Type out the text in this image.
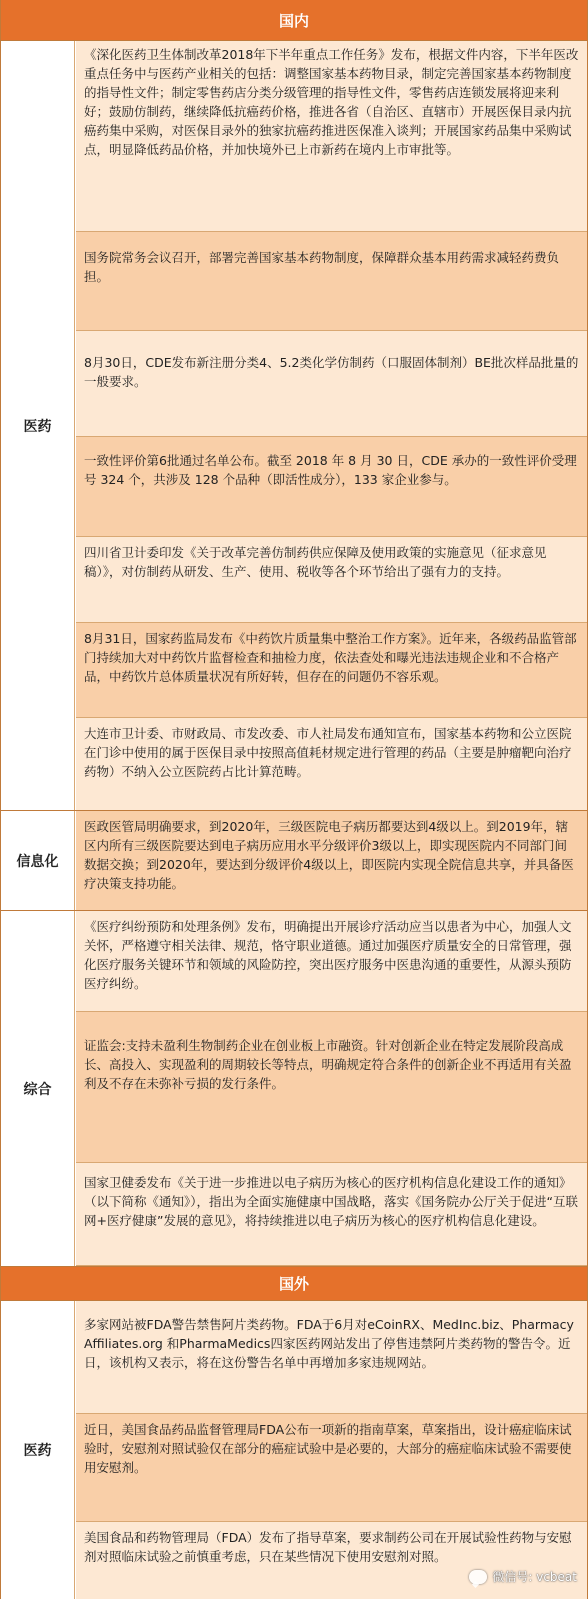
国内
医药
《深化医药卫生体制改革2018年下半年重点工作任务》发布，根据文件内容，下半年医改重点任务中与医药产业相关的包括：调整国家基本药物目录，制定完善国家基本药物制度的指导性文件；制定零售药店分类分级管理的指导性文件，零售药店连锁发展将迎来利好；鼓励仿制药，继续降低抗癌药价格，推进各省（自治区、直辖市）开展医保目录内抗癌药集中采购，对医保目录外的独家抗癌药推进医保准入谈判；开展国家药品集中采购试点，明显降低药品价格，并加快境外已上市新药在境内上市审批等。
国务院常务会议召开，部署完善国家基本药物制度，保障群众基本用药需求减轻药费负担。
8月30日，CDE发布新注册分类4、5.2类化学仿制药（口服固体制剂）BE批次样品批量的一般要求。
一致性评价第6批通过名单公布。截至 2018 年 8 月 30 日，CDE 承办的一致性评价受理号 324 个，共涉及 128 个品种（即活性成分），133 家企业参与。
四川省卫计委印发《关于改革完善仿制药供应保障及使用政策的实施意见（征求意见稿）》，对仿制药从研发、生产、使用、税收等各个环节给出了强有力的支持。
8月31日，国家药监局发布《中药饮片质量集中整治工作方案》。近年来，各级药品监管部门持续加大对中药饮片监督检查和抽检力度，依法查处和曝光违法违规企业和不合格产品，中药饮片总体质量状况有所好转，但存在的问题仍不容乐观。
大连市卫计委、市财政局、市发改委、市人社局发布通知宣布，国家基本药物和公立医院在门诊中使用的属于医保目录中按照高值耗材规定进行管理的药品（主要是肿瘤靶向治疗药物）不纳入公立医院药占比计算范畴。
信息化
医政医管局明确要求，到2020年，三级医院电子病历都要达到4级以上。到2019年，辖区内所有三级医院要达到电子病历应用水平分级评价3级以上，即实现医院内不同部门间数据交换；到2020年，要达到分级评价4级以上，即医院内实现全院信息共享，并具备医疗决策支持功能。
综合
《医疗纠纷预防和处理条例》发布，明确提出开展诊疗活动应当以患者为中心，加强人文关怀，严格遵守相关法律、规范，恪守职业道德。通过加强医疗质量安全的日常管理，强化医疗服务关键环节和领域的风险防控，突出医疗服务中医患沟通的重要性，从源头预防医疗纠纷。
证监会:支持未盈利生物制药企业在创业板上市融资。针对创新企业在特定发展阶段高成长、高投入、实现盈利的周期较长等特点，明确规定符合条件的创新企业不再适用有关盈利及不存在未弥补亏损的发行条件。
国家卫健委发布《关于进一步推进以电子病历为核心的医疗机构信息化建设工作的通知》（以下简称《通知》），指出为全面实施健康中国战略，落实《国务院办公厅关于促进“互联网+医疗健康”发展的意见》，将持续推进以电子病历为核心的医疗机构信息化建设。
国外
医药
多家网站被FDA警告禁售阿片类药物。FDA于6月对eCoinRX、MedInc.biz、PharmacyAffiliates.org 和PharmaMedics四家医药网站发出了停售违禁阿片类药物的警告令。近日，该机构又表示，将在这份警告名单中再增加多家违规网站。
近日，美国食品药品监督管理局FDA公布一项新的指南草案，草案指出，设计癌症临床试验时，安慰剂对照试验仅在部分的癌症试验中是必要的，大部分的癌症临床试验不需要使用安慰剂。
美国食品和药物管理局（FDA）发布了指导草案，要求制药公司在开展试验性药物与安慰剂对照临床试验之前慎重考虑，只在某些情况下使用安慰剂对照。
微信号: vcbeat
